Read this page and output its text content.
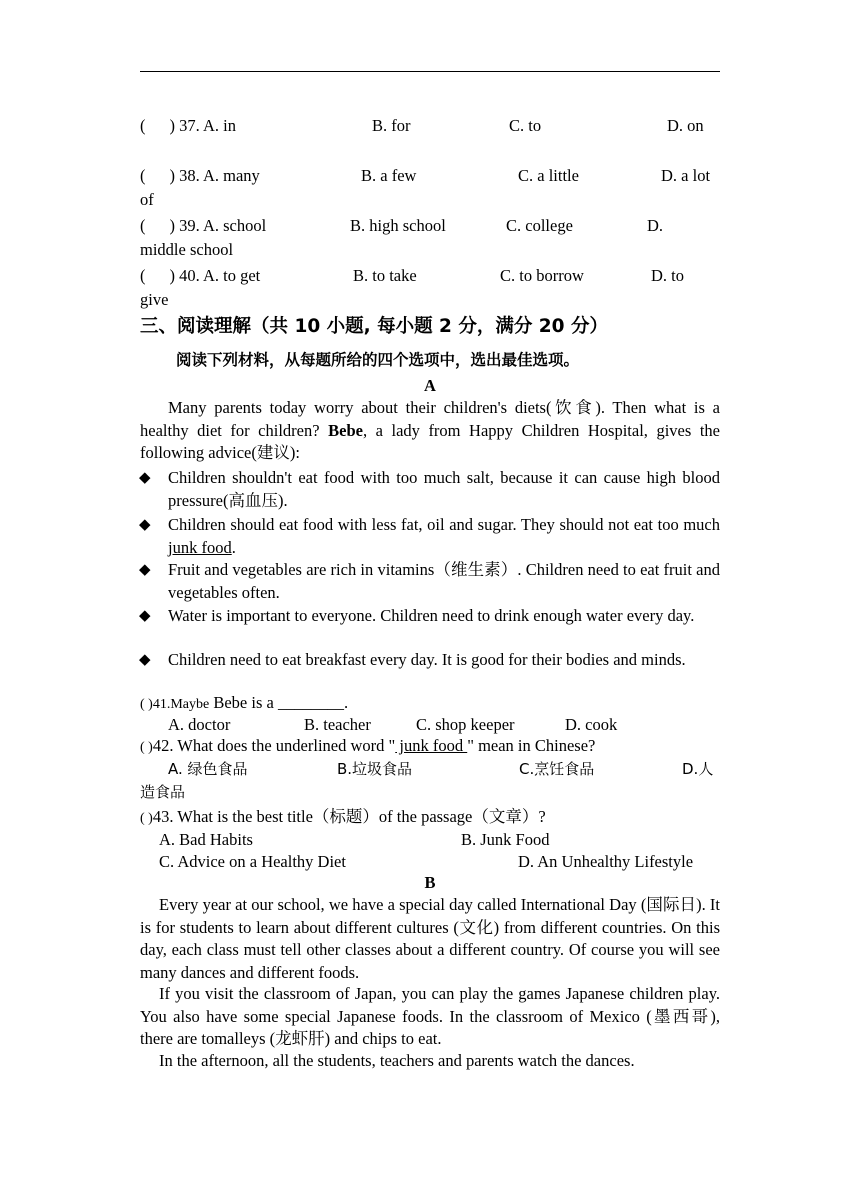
( ) 37. A. in	B. for	C. to	D. on
( ) 38. A. many	B. a few	C. a little	D. a lot
of
( ) 39. A. school	B. high school	C. college	D.
middle school
( ) 40. A. to get	B. to take	C. to borrow	D. to
give
三、阅读理解（共 10 小题, 每小题 2 分，满分 20 分）
阅读下列材料，从每题所给的四个选项中，选出最佳选项。
A
Many parents today worry about their children's diets(饮食). Then what is a healthy diet for children? Bebe, a lady from Happy Children Hospital, gives the following advice(建议):
◆ Children shouldn't eat food with too much salt, because it can cause high blood pressure(高血压).
◆ Children should eat food with less fat, oil and sugar. They should not eat too much junk food.
◆ Fruit and vegetables are rich in vitamins（维生素）. Children need to eat fruit and vegetables often.
◆ Water is important to everyone. Children need to drink enough water every day.
◆ Children need to eat breakfast every day. It is good for their bodies and minds.
( )41.Maybe Bebe is a ________.
A. doctor	B. teacher	C. shop keeper	D. cook
( )42. What does the underlined word " junk food " mean in Chinese?
A. 绿色食品	B.垃圾食品	C.烹饪食品	D.人
造食品
( )43. What is the best title（标题）of the passage（文章）?
A. Bad Habits	B. Junk Food
C. Advice on a Healthy Diet	D. An Unhealthy Lifestyle
B
Every year at our school, we have a special day called International Day (国际日). It is for students to learn about different cultures (文化) from different countries. On this day, each class must tell other classes about a different country. Of course you will see many dances and different foods.
If you visit the classroom of Japan, you can play the games Japanese children play. You also have some special Japanese foods. In the classroom of Mexico (墨西哥), there are tomalleys (龙虾肝) and chips to eat.
In the afternoon, all the students, teachers and parents watch the dances.
